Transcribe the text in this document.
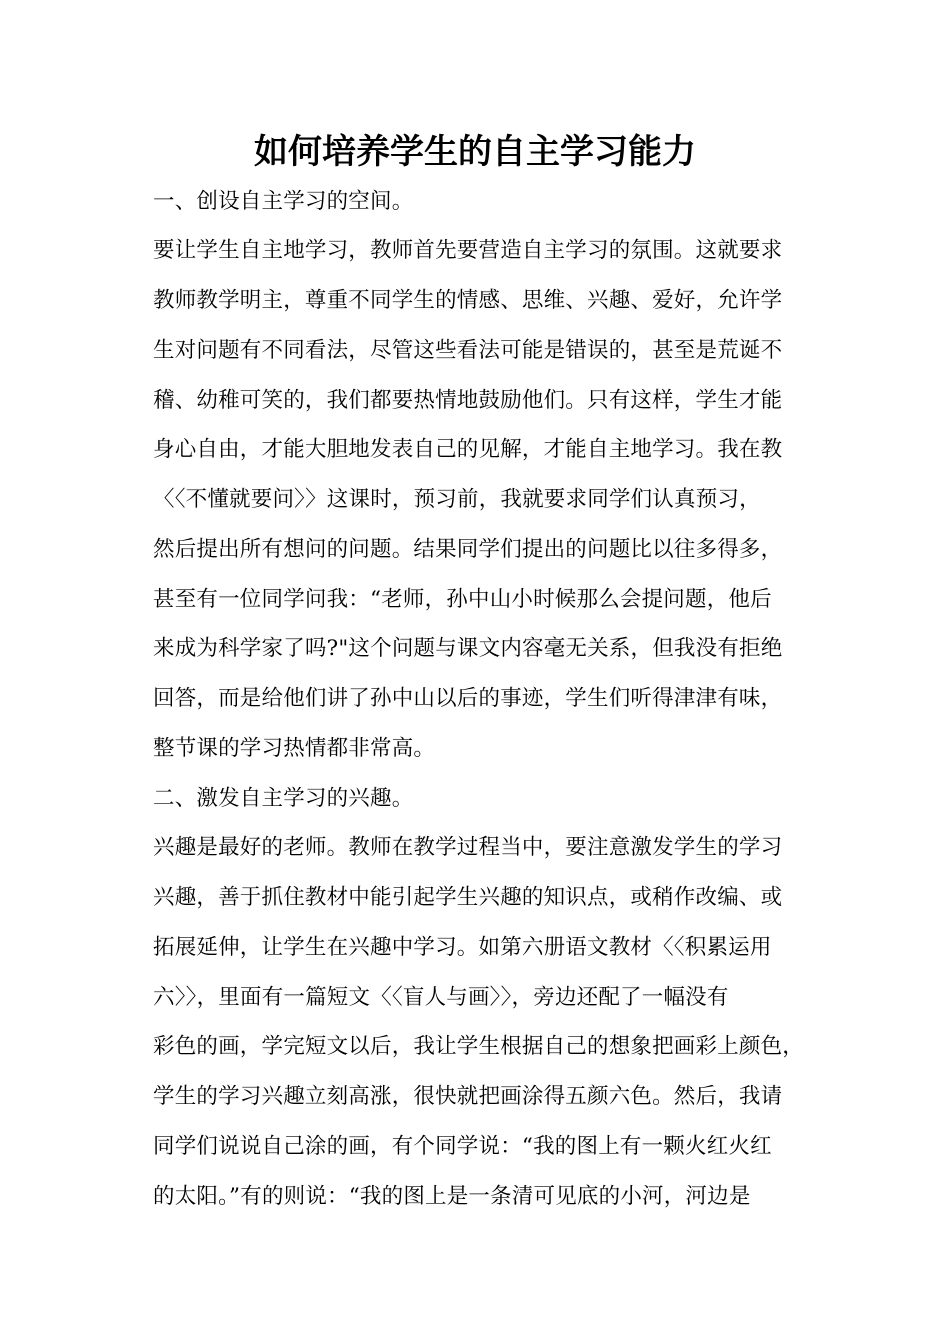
如何培养学生的自主学习能力
一、创设自主学习的空间。
要让学生自主地学习，教师首先要营造自主学习的氛围。这就要求
教师教学明主，尊重不同学生的情感、思维、兴趣、爱好，允许学
生对问题有不同看法，尽管这些看法可能是错误的，甚至是荒诞不
稽、幼稚可笑的，我们都要热情地鼓励他们。只有这样，学生才能
身心自由，才能大胆地发表自己的见解，才能自主地学习。我在教
〈〈不懂就要问〉〉这课时，预习前，我就要求同学们认真预习，
然后提出所有想问的问题。结果同学们提出的问题比以往多得多，
甚至有一位同学问我：“老师，孙中山小时候那么会提问题，他后
来成为科学家了吗?"这个问题与课文内容毫无关系，但我没有拒绝
回答，而是给他们讲了孙中山以后的事迹，学生们听得津津有味，
整节课的学习热情都非常高。
二、激发自主学习的兴趣。
兴趣是最好的老师。教师在教学过程当中，要注意激发学生的学习
兴趣，善于抓住教材中能引起学生兴趣的知识点，或稍作改编、或
拓展延伸，让学生在兴趣中学习。如第六册语文教材〈〈积累运用
六〉〉，里面有一篇短文〈〈盲人与画〉〉，旁边还配了一幅没有
彩色的画，学完短文以后，我让学生根据自己的想象把画彩上颜色，
学生的学习兴趣立刻高涨，很快就把画涂得五颜六色。然后，我请
同学们说说自己涂的画，有个同学说：“我的图上有一颗火红火红
的太阳。”有的则说：“我的图上是一条清可见底的小河，河边是
